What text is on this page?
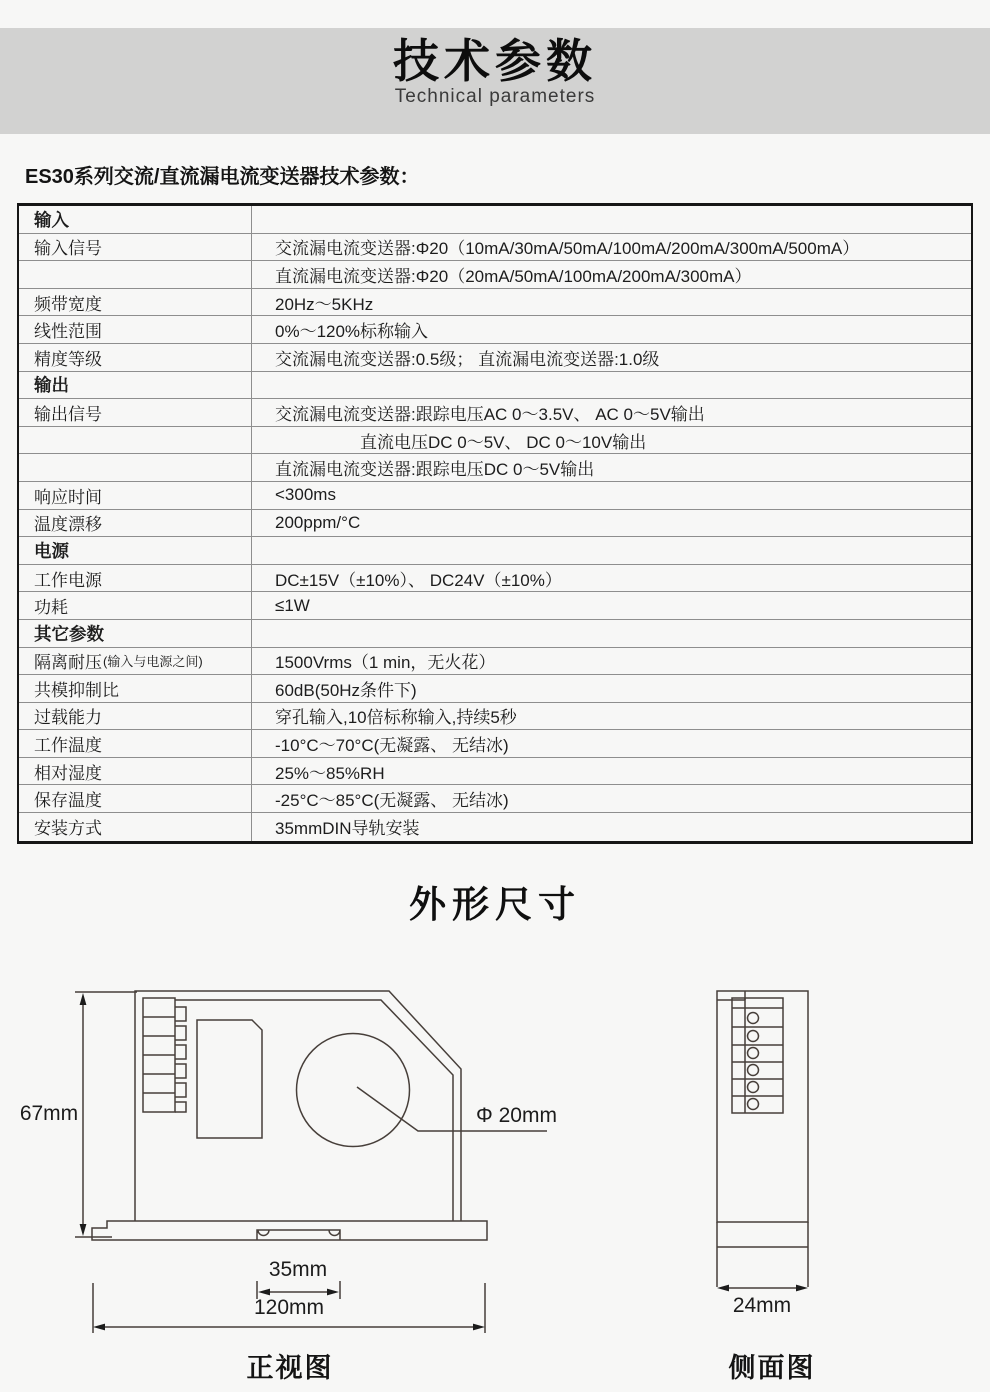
技术参数
Technical parameters
ES30系列交流/直流漏电流变送器技术参数：
输入
输入信号	交流漏电流变送器:Φ20（10mA/30mA/50mA/100mA/200mA/300mA/500mA）
直流漏电流变送器:Φ20（20mA/50mA/100mA/200mA/300mA）
频带宽度	20Hz～5KHz
线性范围	0%～120%标称输入
精度等级	交流漏电流变送器:0.5级； 直流漏电流变送器:1.0级
输出
输出信号	交流漏电流变送器:跟踪电压AC 0～3.5V、 AC 0～5V输出
直流电压DC 0～5V、 DC 0～10V输出
直流漏电流变送器:跟踪电压DC 0～5V输出
响应时间	<300ms
温度漂移	200ppm/°C
电源
工作电源	DC±15V（±10%）、 DC24V（±10%）
功耗	≤1W
其它参数
隔离耐压 (输入与电源之间)	1500Vrms（1 min，无火花）
共模抑制比	60dB(50Hz条件下)
过载能力	穿孔输入,10倍标称输入,持续5秒
工作温度	-10°C～70°C(无凝露、 无结冰)
相对湿度	25%～85%RH
保存温度	-25°C～85°C(无凝露、 无结冰)
安装方式	35mmDIN导轨安装
外形尺寸
67mm	Φ 20mm
35mm
120mm	24mm
正视图	侧面图
